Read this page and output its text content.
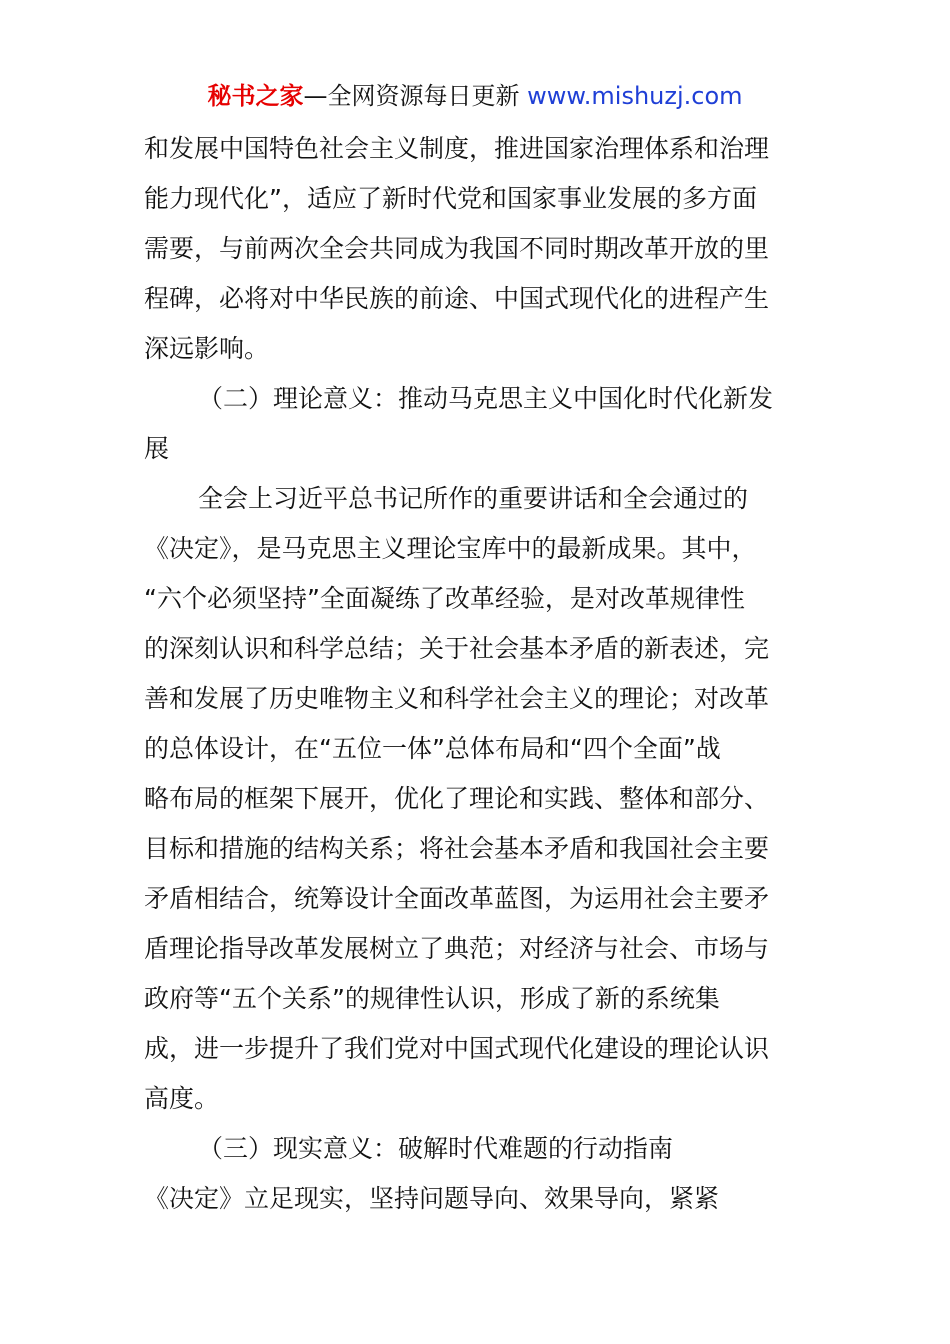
秘书之家—全网资源每日更新 www.mishuzj.com
和发展中国特色社会主义制度，推进国家治理体系和治理
能力现代化”，适应了新时代党和国家事业发展的多方面
需要，与前两次全会共同成为我国不同时期改革开放的里
程碑，必将对中华民族的前途、中国式现代化的进程产生
深远影响。
（二）理论意义：推动马克思主义中国化时代化新发
展
全会上习近平总书记所作的重要讲话和全会通过的
《决定》，是马克思主义理论宝库中的最新成果。其中，
“六个必须坚持”全面凝练了改革经验，是对改革规律性
的深刻认识和科学总结；关于社会基本矛盾的新表述，完
善和发展了历史唯物主义和科学社会主义的理论；对改革
的总体设计，在“五位一体”总体布局和“四个全面”战
略布局的框架下展开，优化了理论和实践、整体和部分、
目标和措施的结构关系；将社会基本矛盾和我国社会主要
矛盾相结合，统筹设计全面改革蓝图，为运用社会主要矛
盾理论指导改革发展树立了典范；对经济与社会、市场与
政府等“五个关系”的规律性认识，形成了新的系统集
成，进一步提升了我们党对中国式现代化建设的理论认识
高度。
（三）现实意义：破解时代难题的行动指南
《决定》立足现实，坚持问题导向、效果导向，紧紧
